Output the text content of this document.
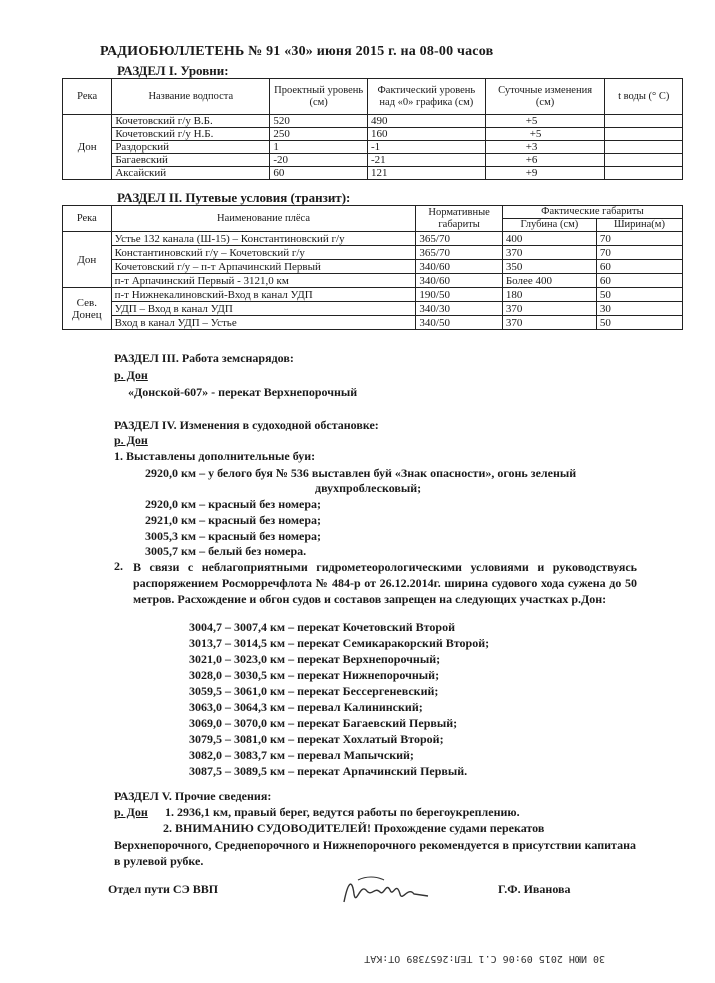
РАДИОБЮЛЛЕТЕНЬ № 91 «30» июня 2015 г. на 08-00 часов
РАЗДЕЛ I. Уровни:
Река	Название водпоста	Проектный уровень (см)	Фактический уровень над «0» графика (см)	Суточные изменения (см)	t воды (° C)
Дон	Кочетовский г/у В.Б.	520	490	+5	
	Кочетовский г/у Н.Б.	250	160	+5	
	Раздорский	1	-1	+3	
	Багаевский	-20	-21	+6	
	Аксайский	60	121	+9	
РАЗДЕЛ II. Путевые условия (транзит):
Река	Наименование плёса	Нормативные габариты	Фактические габариты	
			Глубина (см)	Ширина(м)
Дон	Устье 132 канала (Ш-15) – Константиновский г/у	365/70	400	70
	Константиновский г/у – Кочетовский г/у	365/70	370	70
	Кочетовский г/у – п-т Арпачинский Первый	340/60	350	60
	п-т Арпачинский Первый - 3121,0 км	340/60	Более 400	60
Сев. Донец	п-т Нижнекалиновский-Вход в канал УДП	190/50	180	50
	УДП – Вход в канал УДП	340/30	370	30
	Вход в канал УДП – Устье	340/50	370	50
РАЗДЕЛ III. Работа земснарядов:
р. Дон
«Донской-607» - перекат Верхнепорочный
РАЗДЕЛ IV. Изменения в судоходной обстановке:
р. Дон
1. Выставлены дополнительные буи:
2920,0 км – у белого буя № 536 выставлен буй «Знак опасности», огонь зеленый
двухпроблесковый;
2920,0 км – красный без номера;
2921,0 км – красный без номера;
3005,3 км – красный без номера;
3005,7 км – белый без номера.
2. В связи с неблагоприятными гидрометеорологическими условиями и руководствуясь распоряжением Росморречфлота № 484-р от 26.12.2014г. ширина судового хода сужена до 50 метров. Расхождение и обгон судов и составов запрещен на следующих участках р.Дон:
3004,7 – 3007,4 км – перекат Кочетовский Второй
3013,7 – 3014,5 км – перекат Семикаракорский Второй;
3021,0 – 3023,0 км – перекат Верхнепорочный;
3028,0 – 3030,5 км – перекат Нижнепорочный;
3059,5 – 3061,0 км – перекат Бессергеневский;
3063,0 – 3064,3 км – перевал Калининский;
3069,0 – 3070,0 км – перекат Багаевский Первый;
3079,5 – 3081,0 км – перекат Хохлатый Второй;
3082,0 – 3083,7 км – перевал Мапычский;
3087,5 – 3089,5 км – перекат Арпачинский Первый.
РАЗДЕЛ V. Прочие сведения:
р. Дон 1. 2936,1 км, правый берег, ведутся работы по берегоукреплению.
2. ВНИМАНИЮ СУДОВОДИТЕЛЕЙ! Прохождение судами перекатов
Верхнепорочного, Среднепорочного и Нижнепорочного рекомендуется в присутствии капитана в рулевой рубке.
Отдел пути СЭ ВВП	Г.Ф. Иванова
30 ИЮН 2015 09:06 С.1 ТЕЛ:2657389 ОТ:КАТ
